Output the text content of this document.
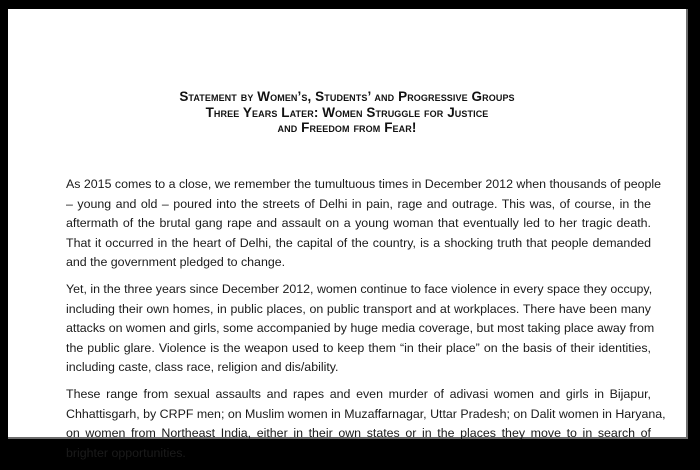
Statement by Women’s, Students’ and Progressive Groups
Three Years Later: Women Struggle for Justice
and Freedom from Fear!
As 2015 comes to a close, we remember the tumultuous times in December 2012 when thousands of people
– young and old – poured into the streets of Delhi in pain, rage and outrage. This was, of course, in the
aftermath of the brutal gang rape and assault on a young woman that eventually led to her tragic death.
That it occurred in the heart of Delhi, the capital of the country, is a shocking truth that people demanded
and the government pledged to change.
Yet, in the three years since December 2012, women continue to face violence in every space they occupy,
including their own homes, in public places, on public transport and at workplaces. There have been many
attacks on women and girls, some accompanied by huge media coverage, but most taking place away from
the public glare. Violence is the weapon used to keep them “in their place” on the basis of their identities,
including caste, class race, religion and dis/ability.
These range from sexual assaults and rapes and even murder of adivasi women and girls in Bijapur,
Chhattisgarh, by CRPF men; on Muslim women in Muzaffarnagar, Uttar Pradesh; on Dalit women in Haryana,
on women from Northeast India, either in their own states or in the places they move to in search of
brighter opportunities.
